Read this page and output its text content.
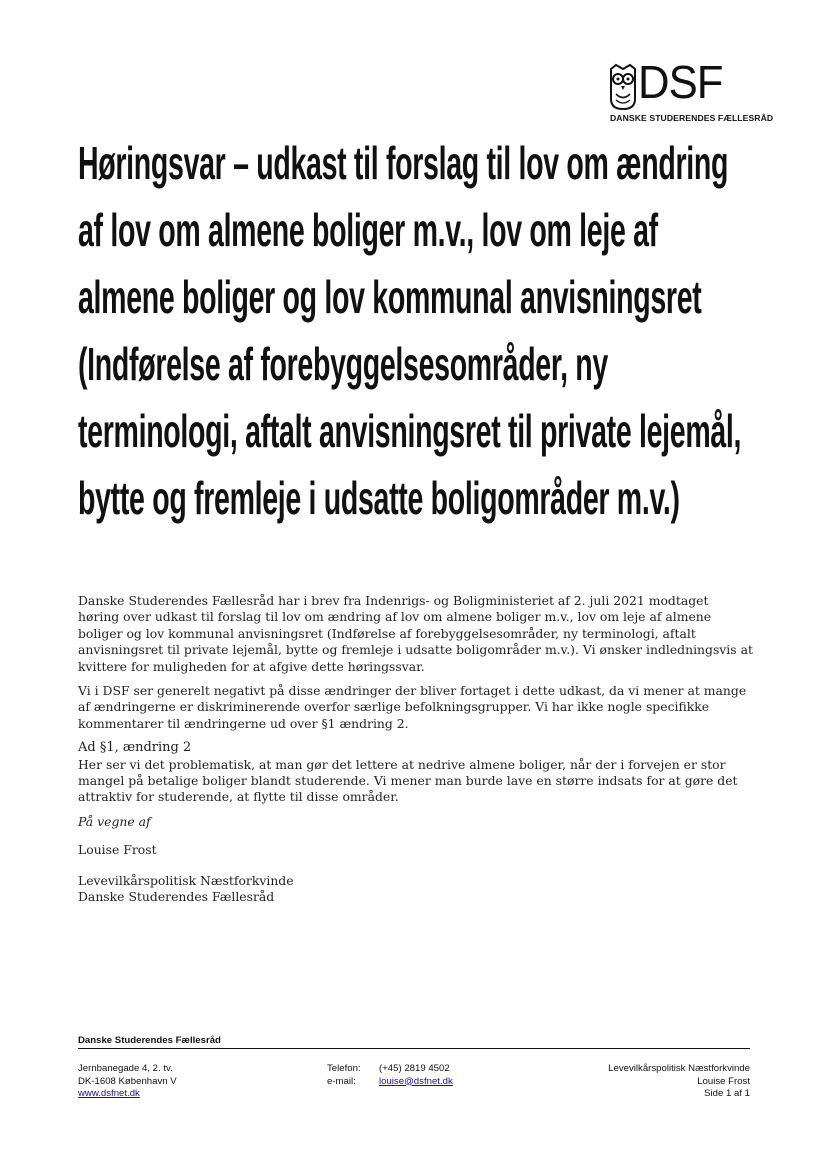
DSF
DANSKE STUDERENDES FÆLLESRÅD
Høringsvar – udkast til forslag til lov om ændring af lov om almene boliger m.v., lov om leje af almene boliger og lov kommunal anvisningsret (Indførelse af forebyggelsesområder, ny terminologi, aftalt anvisningsret til private lejemål, bytte og fremleje i udsatte boligområder m.v.)

Danske Studerendes Fællesråd har i brev fra Indenrigs- og Boligministeriet af 2. juli 2021 modtaget høring over udkast til forslag til lov om ændring af lov om almene boliger m.v., lov om leje af almene boliger og lov kommunal anvisningsret (Indførelse af forebyggelsesområder, ny terminologi, aftalt anvisningsret til private lejemål, bytte og fremleje i udsatte boligområder m.v.). Vi ønsker indledningsvis at kvittere for muligheden for at afgive dette høringssvar.

Vi i DSF ser generelt negativt på disse ændringer der bliver fortaget i dette udkast, da vi mener at mange af ændringerne er diskriminerende overfor særlige befolkningsgrupper. Vi har ikke nogle specifikke kommentarer til ændringerne ud over §1 ændring 2.

Ad §1, ændring 2

Her ser vi det problematisk, at man gør det lettere at nedrive almene boliger, når der i forvejen er stor mangel på betalige boliger blandt studerende. Vi mener man burde lave en større indsats for at gøre det attraktiv for studerende, at flytte til disse områder.

På vegne af

Louise Frost

Levevilkårspolitisk Næstforkvinde
Danske Studerendes Fællesråd
Danske Studerendes Fællesråd
Jernbanegade 4, 2. tv.
DK-1608 København V
www.dsfnet.dk
Telefon: (+45) 2819 4502
e-mail: louise@dsfnet.dk
Levevilkårspolitisk Næstforkvinde
Louise Frost
Side 1 af 1
